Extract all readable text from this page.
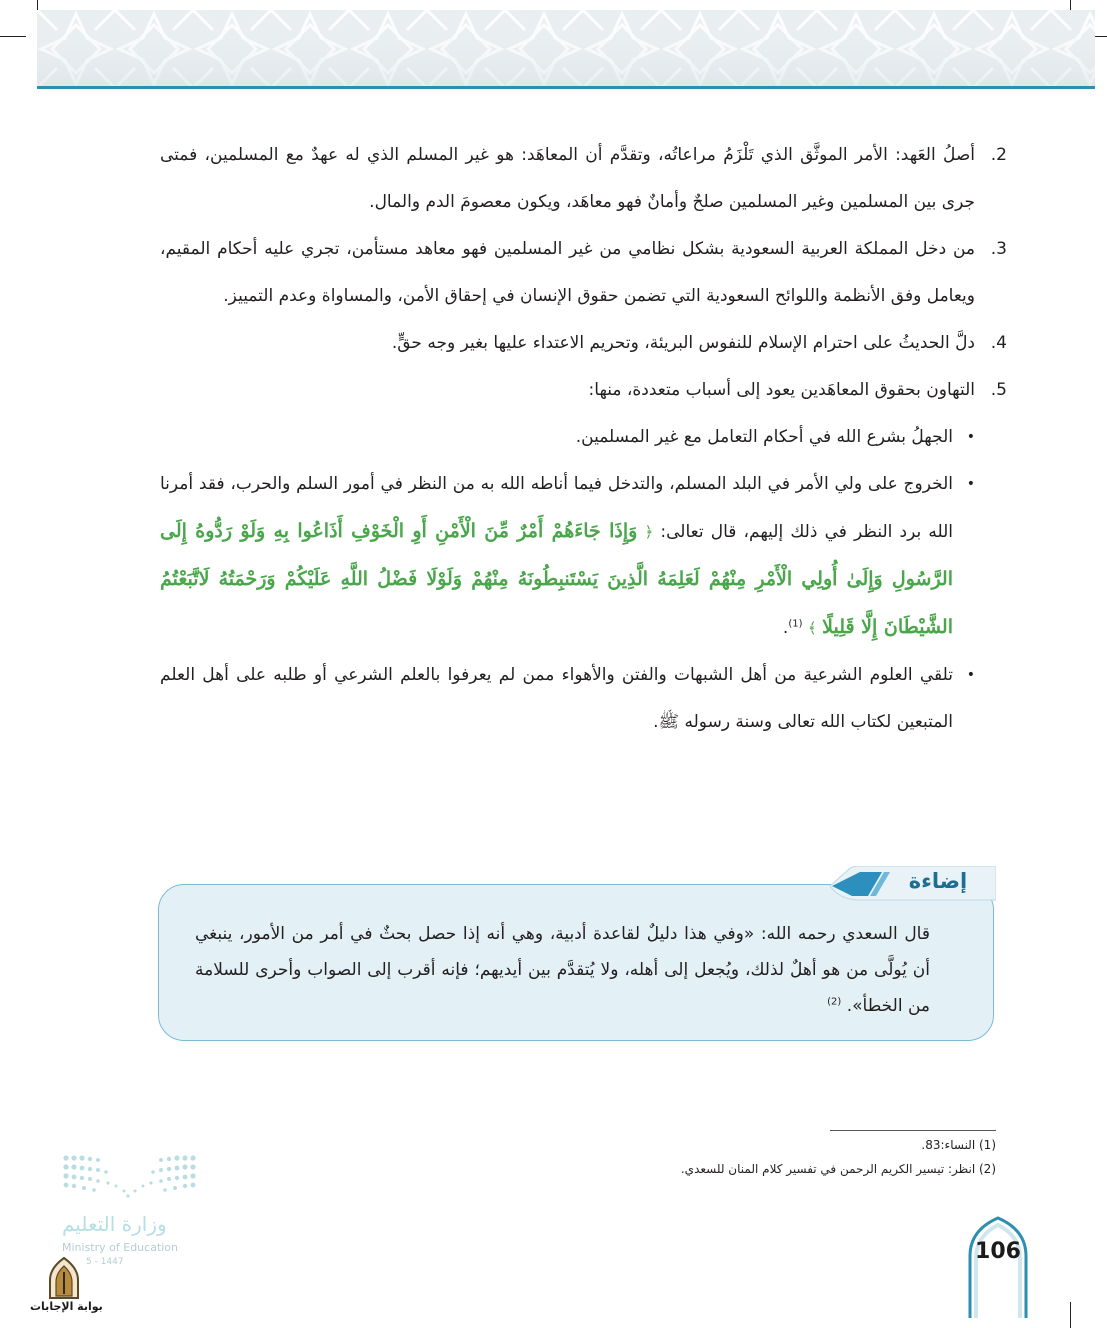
.2
أصلُ العَهد: الأمر الموثَّق الذي تَلْزَمُ مراعاتُه، وتقدَّم أن المعاهَد: هو غير المسلم الذي له عهدٌ مع المسلمين، فمتى جرى بين المسلمين وغير المسلمين صلحٌ وأمانٌ فهو معاهَد، ويكون معصومَ الدم والمال.
.3
من دخل المملكة العربية السعودية بشكل نظامي من غير المسلمين فهو معاهد مستأمن، تجري عليه أحكام المقيم، ويعامل وفق الأنظمة واللوائح السعودية التي تضمن حقوق الإنسان في إحقاق الأمن، والمساواة وعدم التمييز.
.4
دلَّ الحديثُ على احترام الإسلام للنفوس البريئة، وتحريم الاعتداء عليها بغير وجه حقٍّ.
.5
التهاون بحقوق المعاهَدين يعود إلى أسباب متعددة، منها:
• الجهلُ بشرع الله في أحكام التعامل مع غير المسلمين.
• الخروج على ولي الأمر في البلد المسلم، والتدخل فيما أناطه الله به من النظر في أمور السلم والحرب، فقد أمرنا الله برد النظر في ذلك إليهم، قال تعالى: ﴿ وَإِذَا جَاءَهُمْ أَمْرٌ مِّنَ الْأَمْنِ أَوِ الْخَوْفِ أَذَاعُوا بِهِ وَلَوْ رَدُّوهُ إِلَى الرَّسُولِ وَإِلَىٰ أُولِي الْأَمْرِ مِنْهُمْ لَعَلِمَهُ الَّذِينَ يَسْتَنبِطُونَهُ مِنْهُمْ وَلَوْلَا فَضْلُ اللَّهِ عَلَيْكُمْ وَرَحْمَتُهُ لَاتَّبَعْتُمُ الشَّيْطَانَ إِلَّا قَلِيلًا ﴾ $^{(1)}$.
• تلقي العلوم الشرعية من أهل الشبهات والفتن والأهواء ممن لم يعرفوا بالعلم الشرعي أو طلبه على أهل العلم المتبعين لكتاب الله تعالى وسنة رسوله ﷺ.
إضاءة
قال السعدي رحمه الله: «وفي هذا دليلٌ لقاعدة أدبية، وهي أنه إذا حصل بحثٌ في أمر من الأمور، ينبغي أن يُولَّى من هو أهلٌ لذلك، ويُجعل إلى أهله، ولا يُتقدَّم بين أيديهم؛ فإنه أقرب إلى الصواب وأحرى للسلامة من الخطأ». $^{(2)}$
(1) النساء:83.
(2) انظر: تيسير الكريم الرحمن في تفسير كلام المنان للسعدي.
وزارة التعليم
Ministry of Education
5 - 1447
بوابة الإجابات
106
